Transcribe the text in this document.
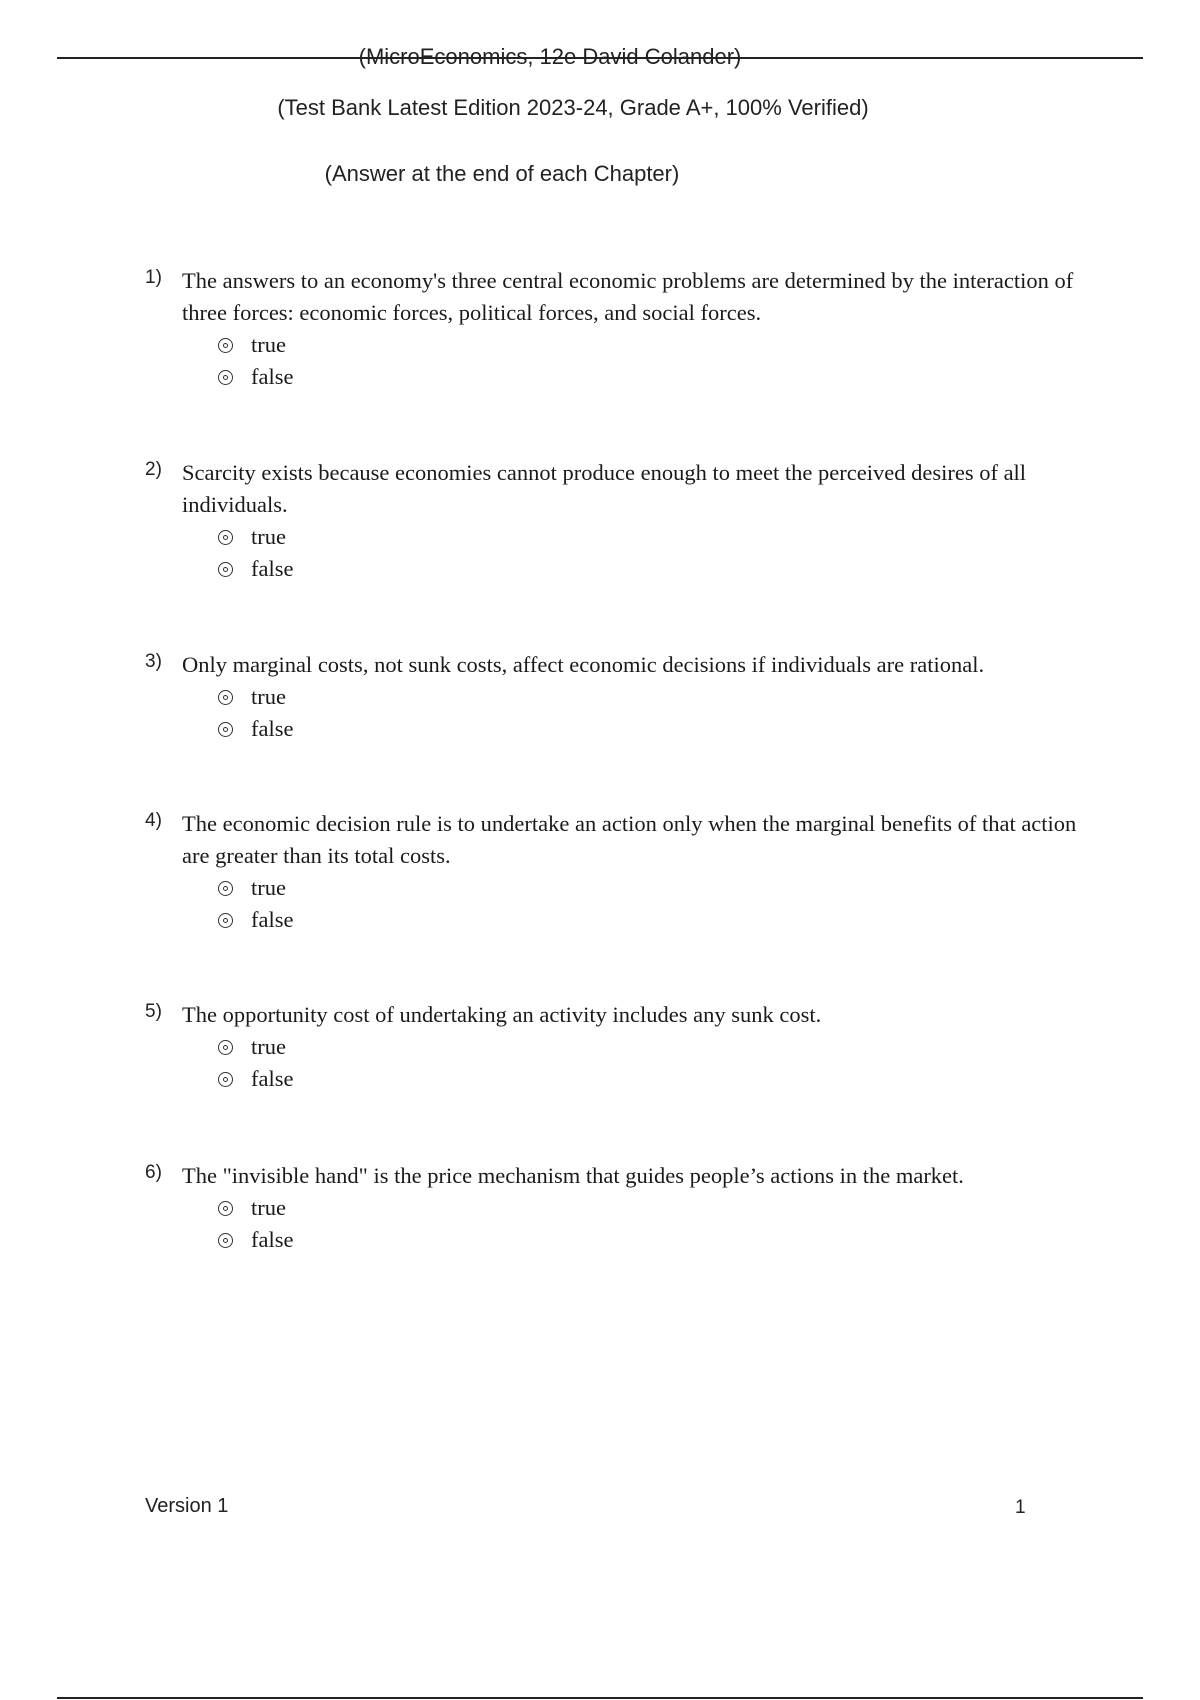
(MicroEconomics, 12e David Colander)
(Test Bank Latest Edition 2023-24, Grade A+, 100% Verified)
(Answer at the end of each Chapter)
1) The answers to an economy's three central economic problems are determined by the interaction of three forces: economic forces, political forces, and social forces.
true
false
2) Scarcity exists because economies cannot produce enough to meet the perceived desires of all individuals.
true
false
3) Only marginal costs, not sunk costs, affect economic decisions if individuals are rational.
true
false
4) The economic decision rule is to undertake an action only when the marginal benefits of that action are greater than its total costs.
true
false
5) The opportunity cost of undertaking an activity includes any sunk cost.
true
false
6) The "invisible hand" is the price mechanism that guides people’s actions in the market.
true
false
Version 1	1
